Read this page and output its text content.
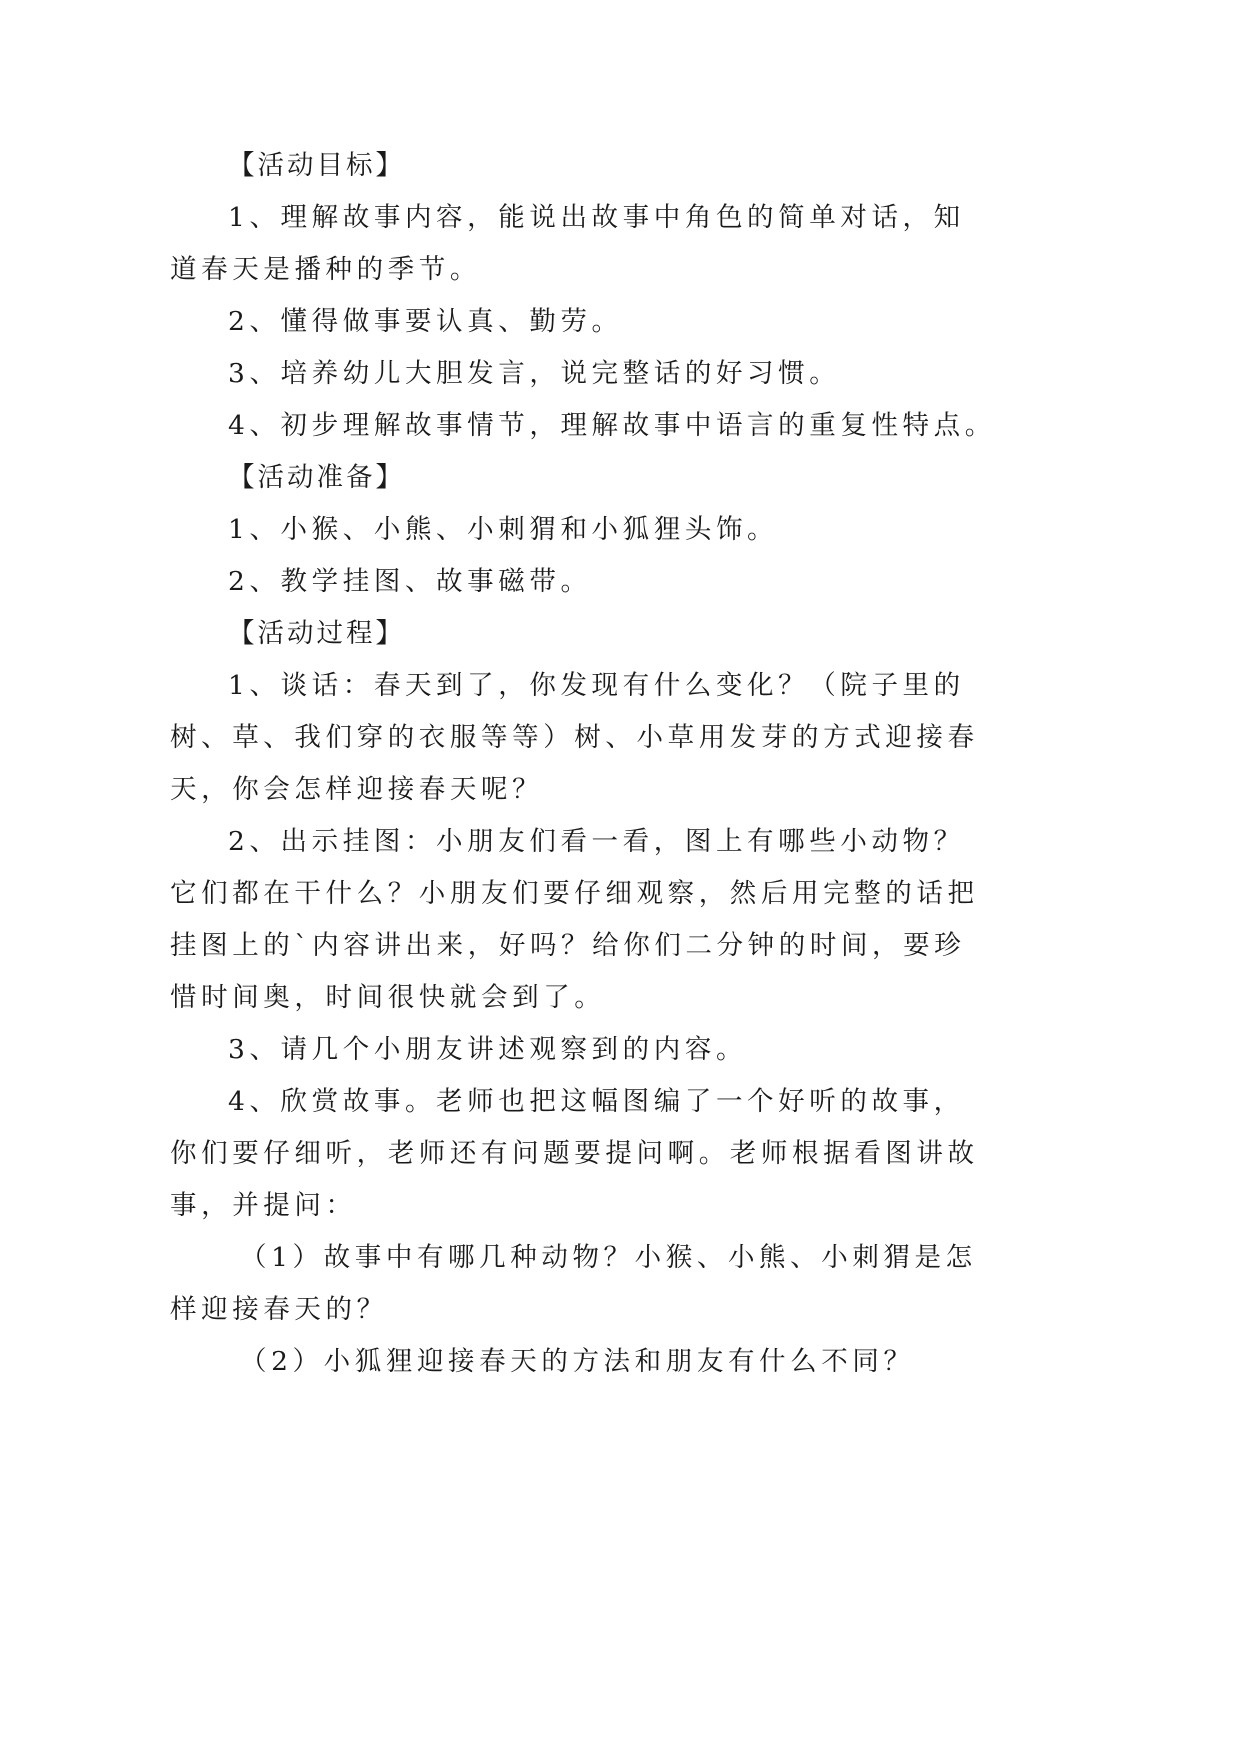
【活动目标】

1、理解故事内容，能说出故事中角色的简单对话，知

道春天是播种的季节。

2、懂得做事要认真、勤劳。

3、培养幼儿大胆发言，说完整话的好习惯。

4、初步理解故事情节，理解故事中语言的重复性特点。

【活动准备】

1、小猴、小熊、小刺猬和小狐狸头饰。

2、教学挂图、故事磁带。

【活动过程】

1、谈话：春天到了，你发现有什么变化？（院子里的

树、草、我们穿的衣服等等）树、小草用发芽的方式迎接春

天，你会怎样迎接春天呢？

2、出示挂图：小朋友们看一看，图上有哪些小动物？

它们都在干什么？小朋友们要仔细观察，然后用完整的话把

挂图上的`内容讲出来，好吗？给你们二分钟的时间，要珍

惜时间奥，时间很快就会到了。

3、请几个小朋友讲述观察到的内容。

4、欣赏故事。老师也把这幅图编了一个好听的故事，

你们要仔细听，老师还有问题要提问啊。老师根据看图讲故

事，并提问：

（1）故事中有哪几种动物？小猴、小熊、小刺猬是怎

样迎接春天的？

（2）小狐狸迎接春天的方法和朋友有什么不同？
